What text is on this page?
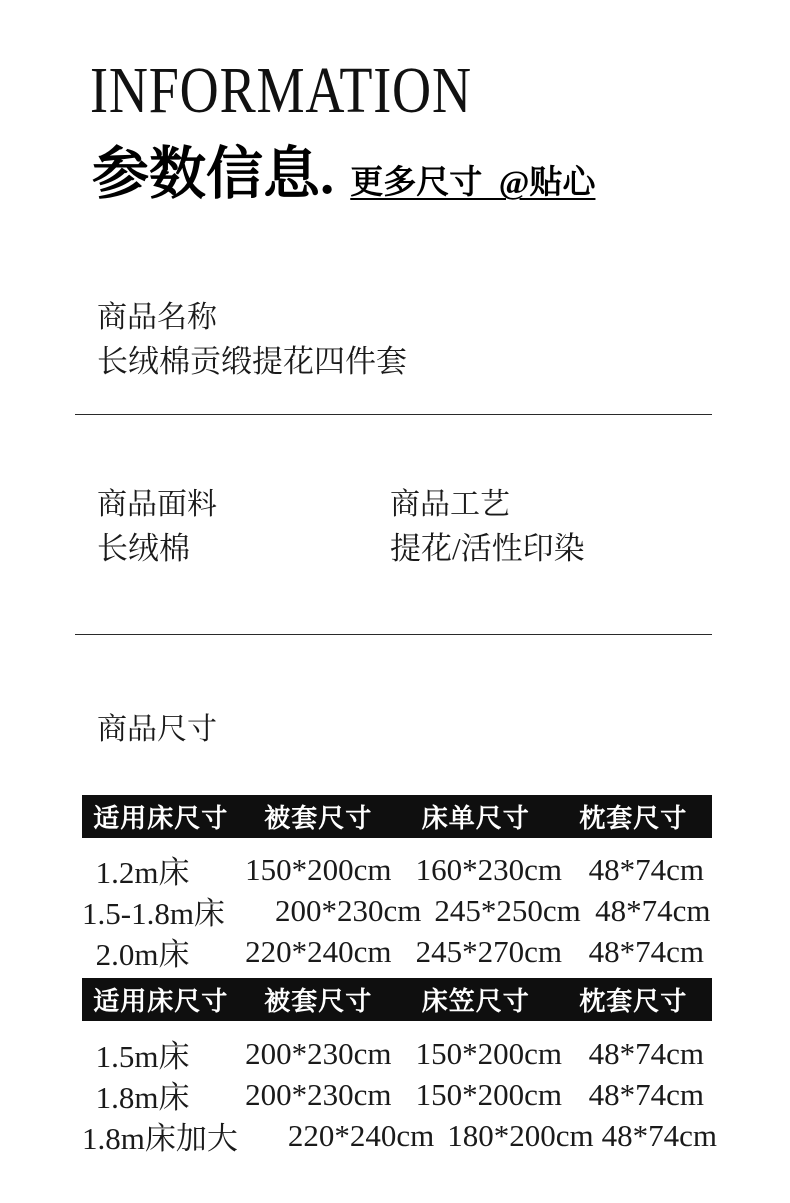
INFORMATION
参数信息. 更多尺寸  @贴心
商品名称
长绒棉贡缎提花四件套
商品面料
长绒棉
商品工艺
提花/活性印染
商品尺寸
适用床尺寸	被套尺寸	床单尺寸	枕套尺寸
1.2m床	150*200cm 160*230cm 48*74cm
1.5-1.8m床	200*230cm 245*250cm 48*74cm
2.0m床	220*240cm 245*270cm 48*74cm
适用床尺寸	被套尺寸	床笠尺寸	枕套尺寸
1.5m床	200*230cm 150*200cm 48*74cm
1.8m床	200*230cm 150*200cm 48*74cm
1.8m床加大	220*240cm 180*200cm 48*74cm
